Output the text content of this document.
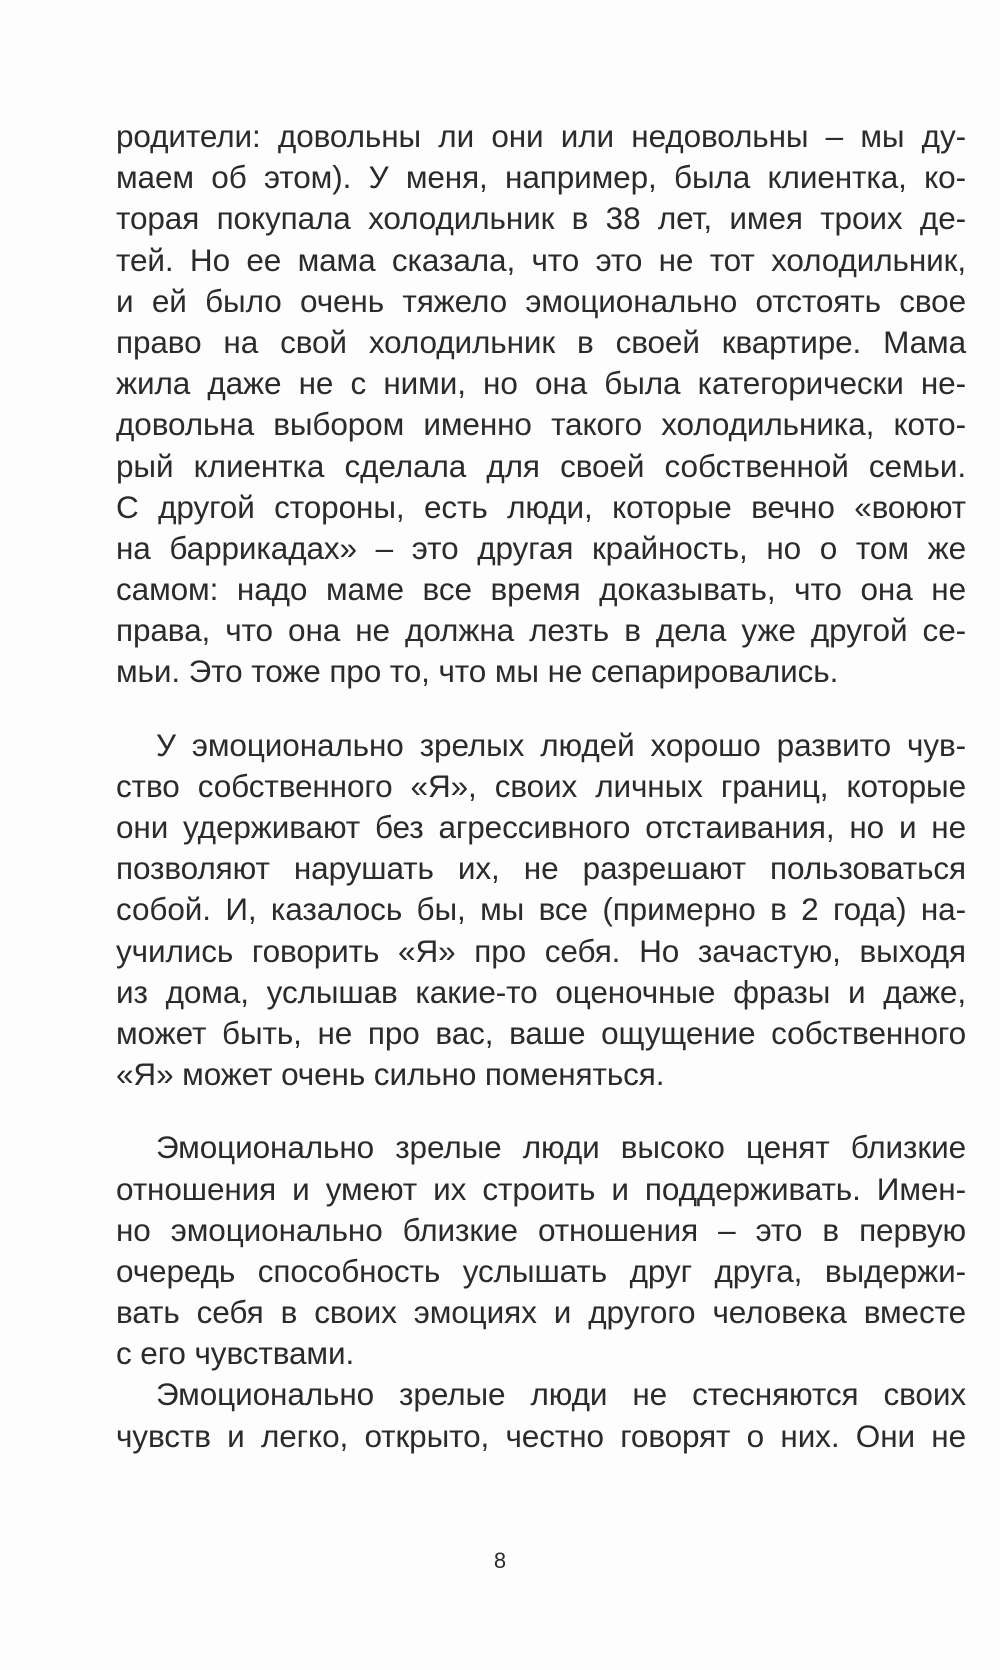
родители: довольны ли они или недовольны – мы ду-
маем об этом). У меня, например, была клиентка, ко-
торая покупала холодильник в 38 лет, имея троих де-
тей. Но ее мама сказала, что это не тот холодильник,
и ей было очень тяжело эмоционально отстоять свое
право на свой холодильник в своей квартире. Мама
жила даже не с ними, но она была категорически не-
довольна выбором именно такого холодильника, кото-
рый клиентка сделала для своей собственной семьи.
С другой стороны, есть люди, которые вечно «воюют
на баррикадах» – это другая крайность, но о том же
самом: надо маме все время доказывать, что она не
права, что она не должна лезть в дела уже другой се-
мьи. Это тоже про то, что мы не сепарировались.
У эмоционально зрелых людей хорошо развито чув-
ство собственного «Я», своих личных границ, которые
они удерживают без агрессивного отстаивания, но и не
позволяют нарушать их, не разрешают пользоваться
собой. И, казалось бы, мы все (примерно в 2 года) на-
учились говорить «Я» про себя. Но зачастую, выходя
из дома, услышав какие-то оценочные фразы и даже,
может быть, не про вас, ваше ощущение собственного
«Я» может очень сильно поменяться.
Эмоционально зрелые люди высоко ценят близкие
отношения и умеют их строить и поддерживать. Имен-
но эмоционально близкие отношения – это в первую
очередь способность услышать друг друга, выдержи-
вать себя в своих эмоциях и другого человека вместе
с его чувствами.
Эмоционально зрелые люди не стесняются своих
чувств и легко, открыто, честно говорят о них. Они не
8
